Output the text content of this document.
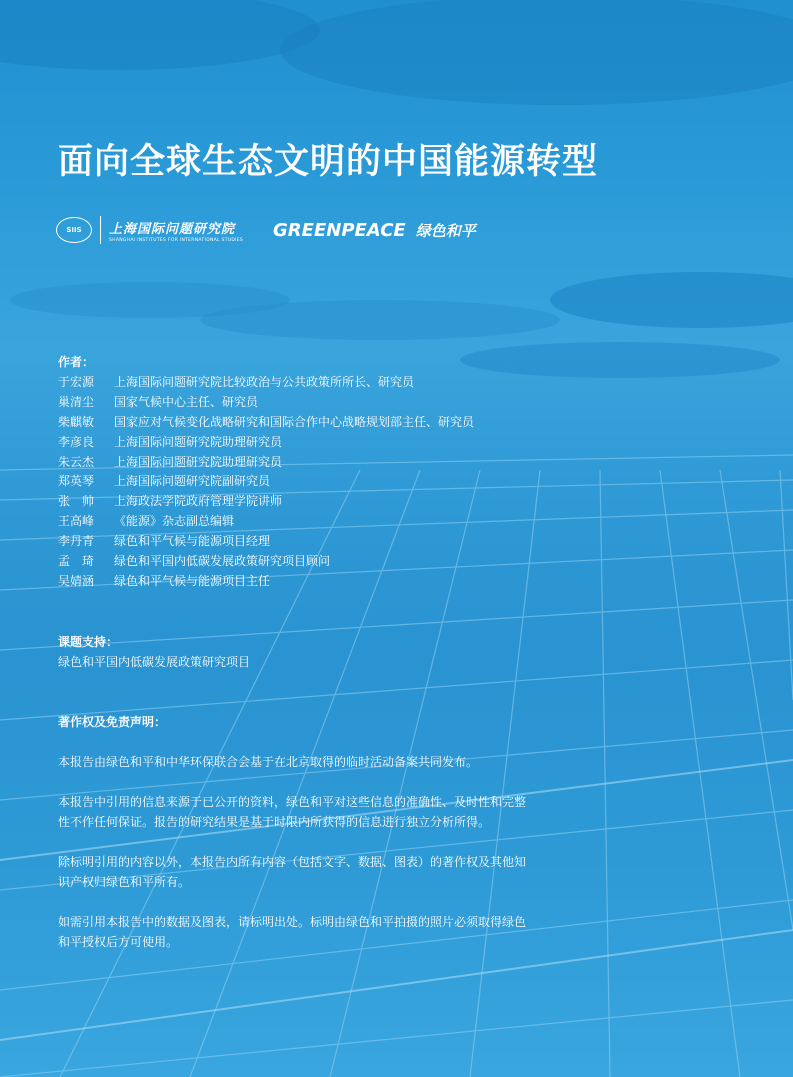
面向全球生态文明的中国能源转型
SIIS	上海国际问题研究院
SHANGHAI INSTITUTES FOR INTERNATIONAL STUDIES GREENPEACE 绿色和平
作者：
于宏源	上海国际问题研究院比较政治与公共政策所所长、研究员
巢清尘	国家气候中心主任、研究员
柴麒敏	国家应对气候变化战略研究和国际合作中心战略规划部主任、研究员
李彦良	上海国际问题研究院助理研究员
朱云杰	上海国际问题研究院助理研究员
郑英琴	上海国际问题研究院副研究员
张　帅	上海政法学院政府管理学院讲师
王高峰	《能源》杂志副总编辑
李丹青	绿色和平气候与能源项目经理
孟　琦	绿色和平国内低碳发展政策研究项目顾问
吴婧涵	绿色和平气候与能源项目主任
课题支持：
绿色和平国内低碳发展政策研究项目
著作权及免责声明：
本报告由绿色和平和中华环保联合会基于在北京取得的临时活动备案共同发布。
本报告中引用的信息来源于已公开的资料，绿色和平对这些信息的准确性、及时性和完整性不作任何保证。报告的研究结果是基于时限内所获得的信息进行独立分析所得。
除标明引用的内容以外，本报告内所有内容（包括文字、数据、图表）的著作权及其他知识产权归绿色和平所有。
如需引用本报告中的数据及图表，请标明出处。标明由绿色和平拍摄的照片必须取得绿色和平授权后方可使用。
